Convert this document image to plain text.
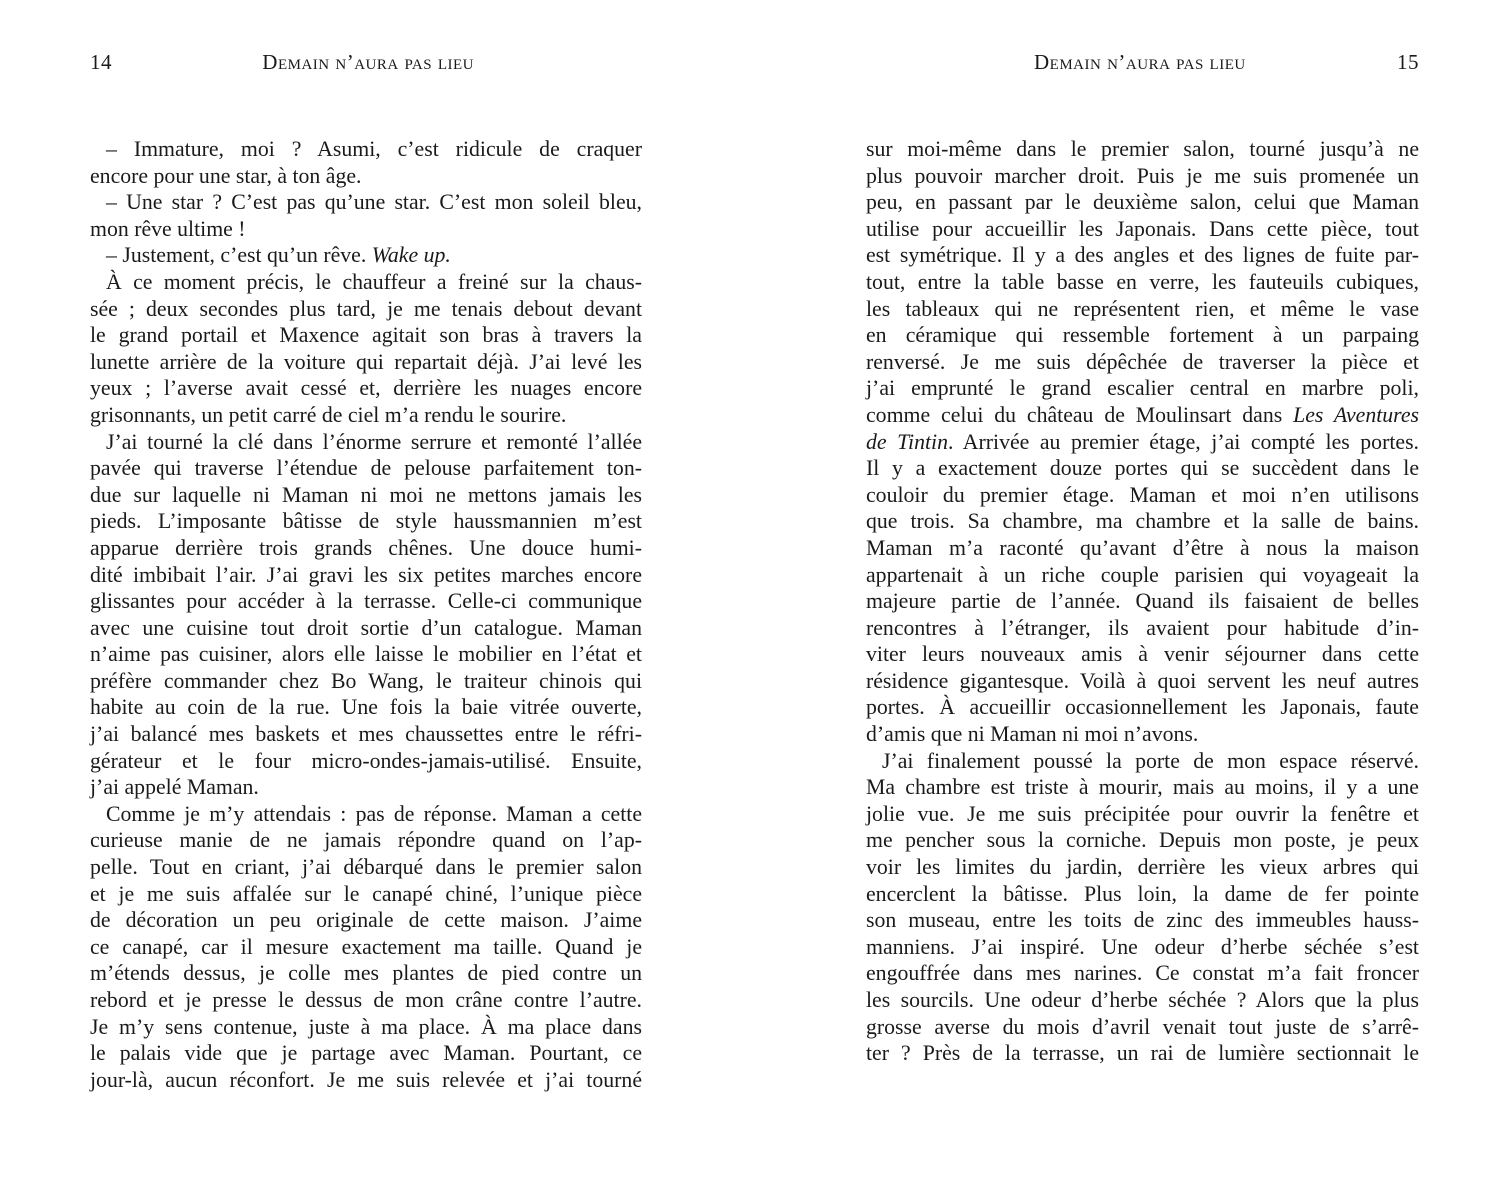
14	Demain n’aura pas lieu
– Immature, moi ? Asumi, c’est ridicule de craquer
encore pour une star, à ton âge.
– Une star ? C’est pas qu’une star. C’est mon soleil bleu,
mon rêve ultime !
– Justement, c’est qu’un rêve. Wake up.
À ce moment précis, le chauffeur a freiné sur la chaus-
sée ; deux secondes plus tard, je me tenais debout devant
le grand portail et Maxence agitait son bras à travers la
lunette arrière de la voiture qui repartait déjà. J’ai levé les
yeux ; l’averse avait cessé et, derrière les nuages encore
grisonnants, un petit carré de ciel m’a rendu le sourire.
J’ai tourné la clé dans l’énorme serrure et remonté l’allée
pavée qui traverse l’étendue de pelouse parfaitement ton-
due sur laquelle ni Maman ni moi ne mettons jamais les
pieds. L’imposante bâtisse de style haussmannien m’est
apparue derrière trois grands chênes. Une douce humi-
dité imbibait l’air. J’ai gravi les six petites marches encore
glissantes pour accéder à la terrasse. Celle-ci communique
avec une cuisine tout droit sortie d’un catalogue. Maman
n’aime pas cuisiner, alors elle laisse le mobilier en l’état et
préfère commander chez Bo Wang, le traiteur chinois qui
habite au coin de la rue. Une fois la baie vitrée ouverte,
j’ai balancé mes baskets et mes chaussettes entre le réfri-
gérateur et le four micro-ondes-jamais-utilisé. Ensuite,
j’ai appelé Maman.
Comme je m’y attendais : pas de réponse. Maman a cette
curieuse manie de ne jamais répondre quand on l’ap-
pelle. Tout en criant, j’ai débarqué dans le premier salon
et je me suis affalée sur le canapé chiné, l’unique pièce
de décoration un peu originale de cette maison. J’aime
ce canapé, car il mesure exactement ma taille. Quand je
m’étends dessus, je colle mes plantes de pied contre un
rebord et je presse le dessus de mon crâne contre l’autre.
Je m’y sens contenue, juste à ma place. À ma place dans
le palais vide que je partage avec Maman. Pourtant, ce
jour-là, aucun réconfort. Je me suis relevée et j’ai tourné
Demain n’aura pas lieu	15
sur moi-même dans le premier salon, tourné jusqu’à ne
plus pouvoir marcher droit. Puis je me suis promenée un
peu, en passant par le deuxième salon, celui que Maman
utilise pour accueillir les Japonais. Dans cette pièce, tout
est symétrique. Il y a des angles et des lignes de fuite par-
tout, entre la table basse en verre, les fauteuils cubiques,
les tableaux qui ne représentent rien, et même le vase
en céramique qui ressemble fortement à un parpaing
renversé. Je me suis dépêchée de traverser la pièce et
j’ai emprunté le grand escalier central en marbre poli,
comme celui du château de Moulinsart dans Les Aventures
de Tintin. Arrivée au premier étage, j’ai compté les portes.
Il y a exactement douze portes qui se succèdent dans le
couloir du premier étage. Maman et moi n’en utilisons
que trois. Sa chambre, ma chambre et la salle de bains.
Maman m’a raconté qu’avant d’être à nous la maison
appartenait à un riche couple parisien qui voyageait la
majeure partie de l’année. Quand ils faisaient de belles
rencontres à l’étranger, ils avaient pour habitude d’in-
viter leurs nouveaux amis à venir séjourner dans cette
résidence gigantesque. Voilà à quoi servent les neuf autres
portes. À accueillir occasionnellement les Japonais, faute
d’amis que ni Maman ni moi n’avons.
J’ai finalement poussé la porte de mon espace réservé.
Ma chambre est triste à mourir, mais au moins, il y a une
jolie vue. Je me suis précipitée pour ouvrir la fenêtre et
me pencher sous la corniche. Depuis mon poste, je peux
voir les limites du jardin, derrière les vieux arbres qui
encerclent la bâtisse. Plus loin, la dame de fer pointe
son museau, entre les toits de zinc des immeubles hauss-
manniens. J’ai inspiré. Une odeur d’herbe séchée s’est
engouffrée dans mes narines. Ce constat m’a fait froncer
les sourcils. Une odeur d’herbe séchée ? Alors que la plus
grosse averse du mois d’avril venait tout juste de s’arrê-
ter ? Près de la terrasse, un rai de lumière sectionnait le
